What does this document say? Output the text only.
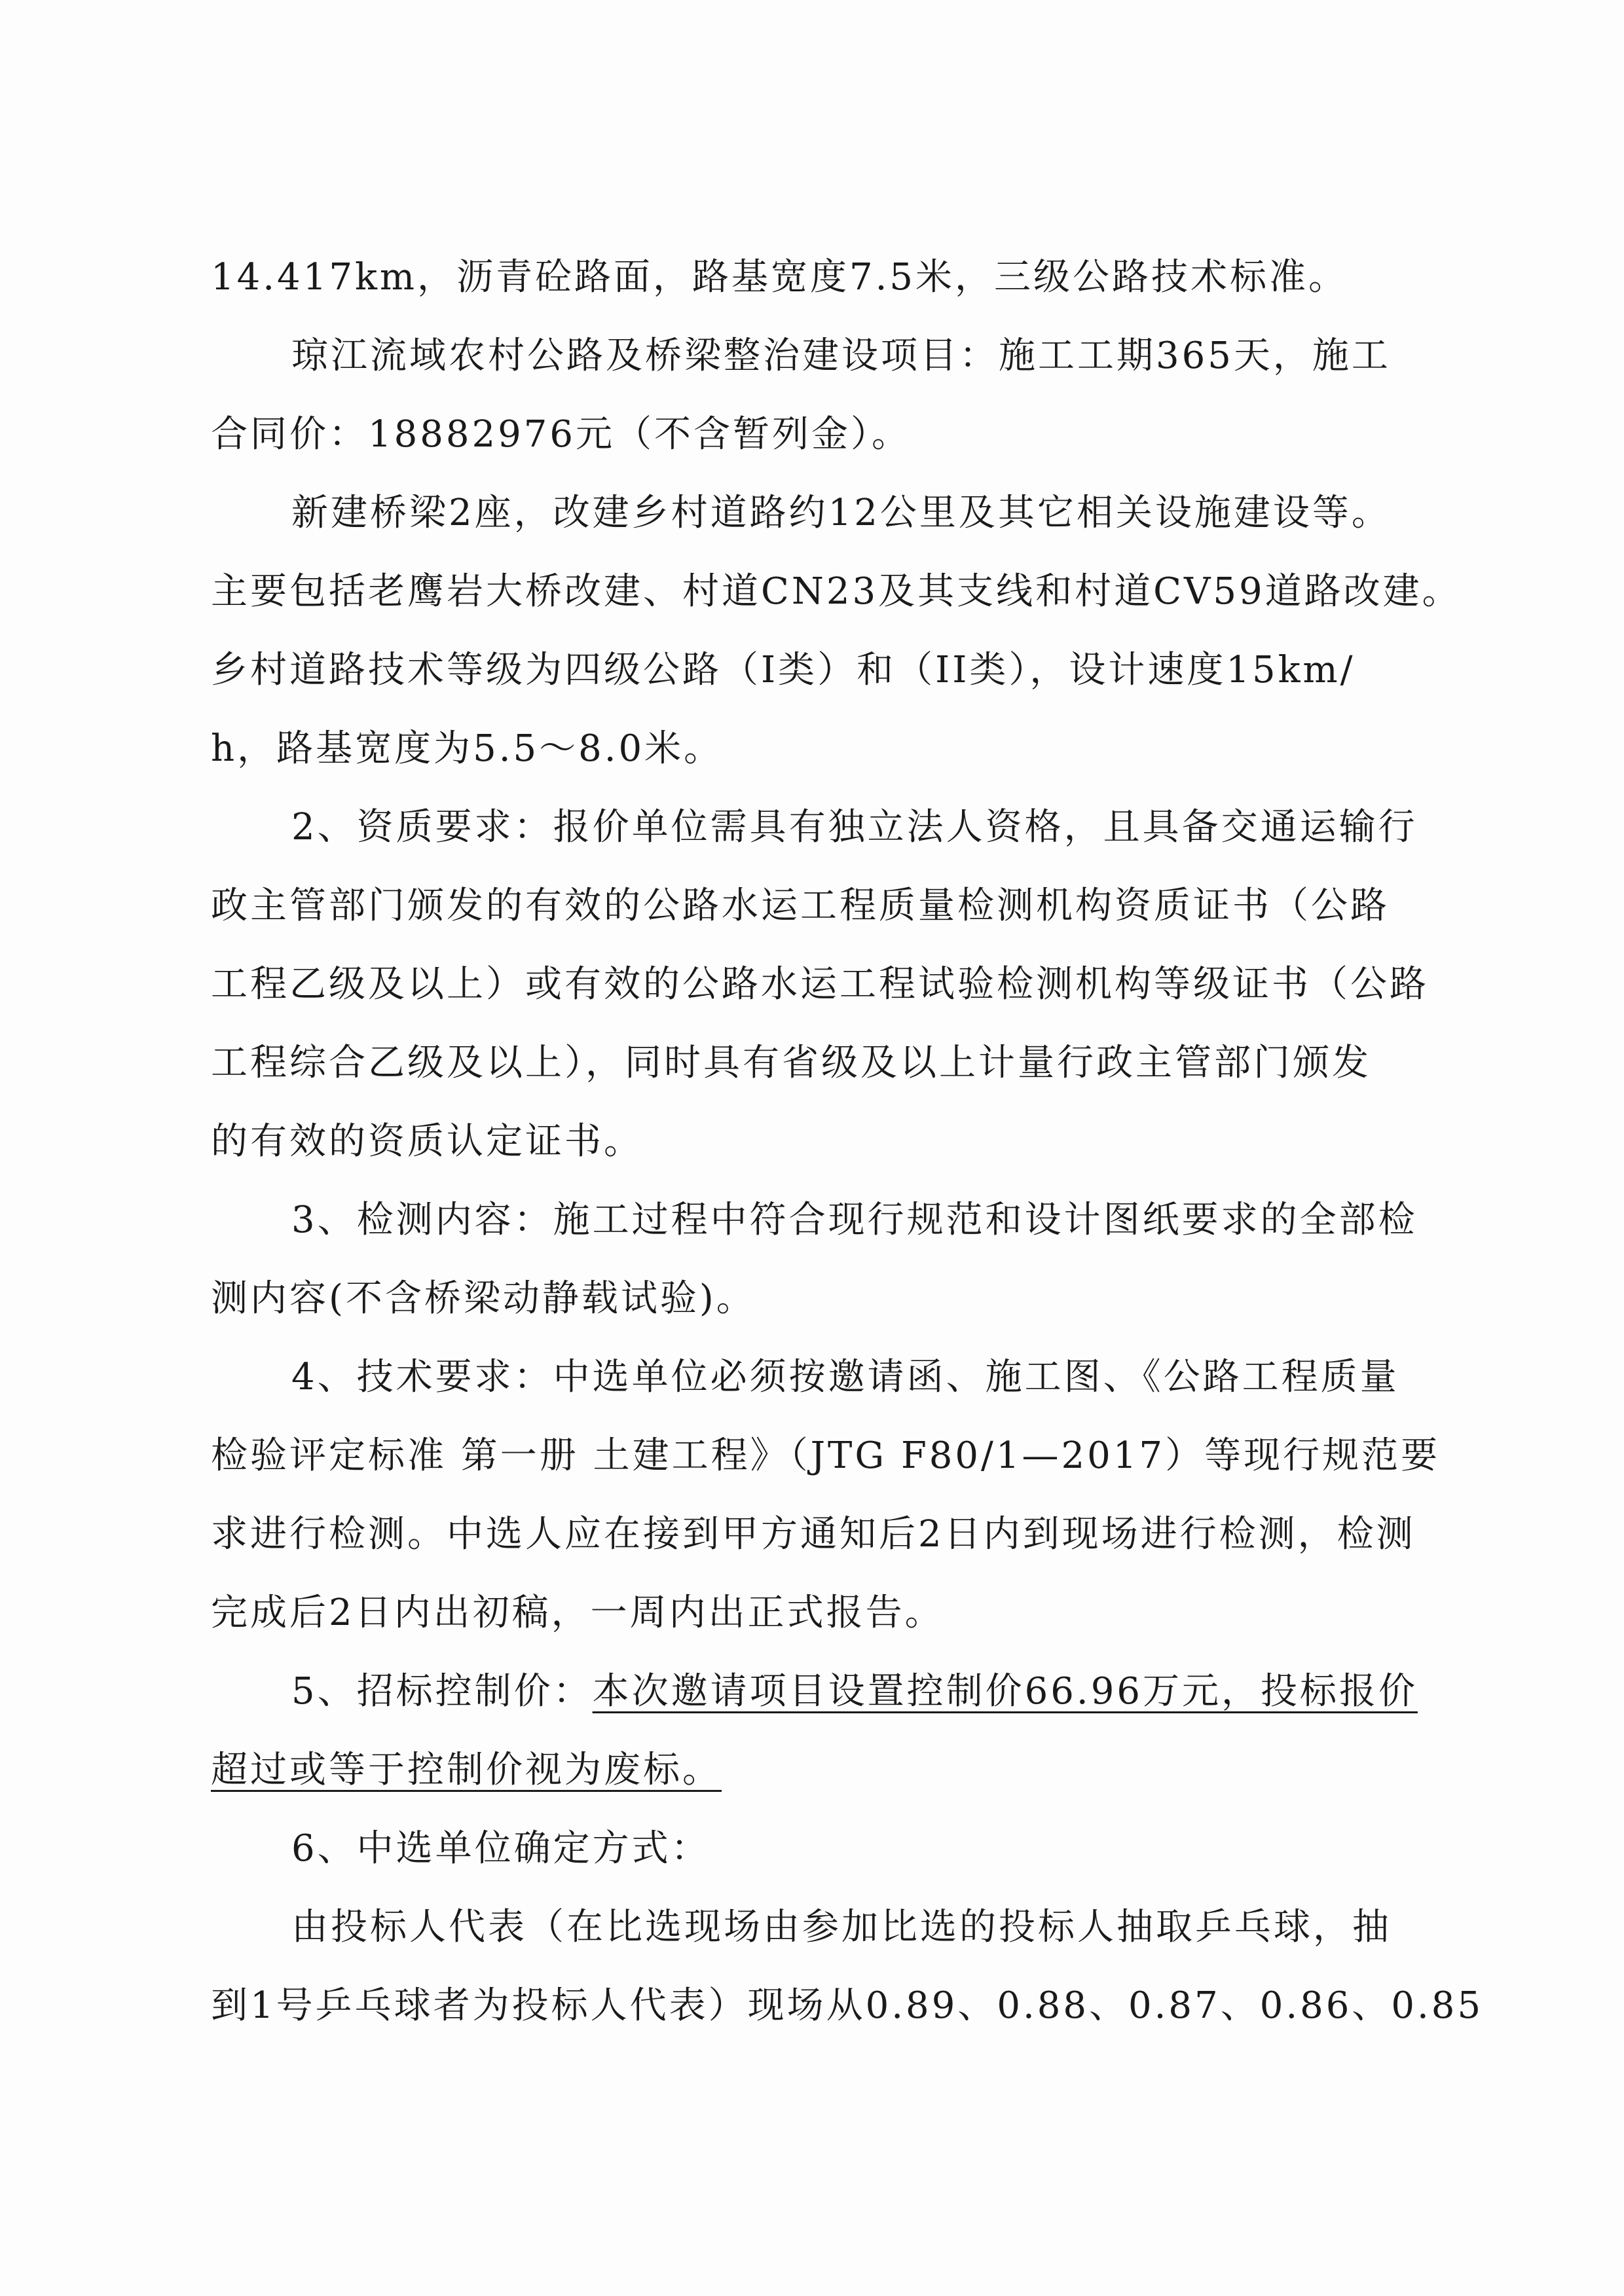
14.417km，沥青砼路面，路基宽度7.5米，三级公路技术标准。
琼江流域农村公路及桥梁整治建设项目：施工工期365天，施工
合同价：18882976元（不含暂列金）。
新建桥梁2座，改建乡村道路约12公里及其它相关设施建设等。
主要包括老鹰岩大桥改建、村道CN23及其支线和村道CV59道路改建。
乡村道路技术等级为四级公路（I类）和（II类），设计速度15km/
h，路基宽度为5.5～8.0米。
2、资质要求：报价单位需具有独立法人资格，且具备交通运输行
政主管部门颁发的有效的公路水运工程质量检测机构资质证书（公路
工程乙级及以上）或有效的公路水运工程试验检测机构等级证书（公路
工程综合乙级及以上），同时具有省级及以上计量行政主管部门颁发
的有效的资质认定证书。
3、检测内容：施工过程中符合现行规范和设计图纸要求的全部检
测内容(不含桥梁动静载试验)。
4、技术要求：中选单位必须按邀请函、施工图、《公路工程质量
检验评定标准 第一册 土建工程》（JTG F80/1—2017）等现行规范要
求进行检测。中选人应在接到甲方通知后2日内到现场进行检测，检测
完成后2日内出初稿，一周内出正式报告。
5、招标控制价：本次邀请项目设置控制价66.96万元，投标报价
超过或等于控制价视为废标。
6、中选单位确定方式：
由投标人代表（在比选现场由参加比选的投标人抽取乒乓球，抽
到1号乒乓球者为投标人代表）现场从0.89、0.88、0.87、0.86、0.85
